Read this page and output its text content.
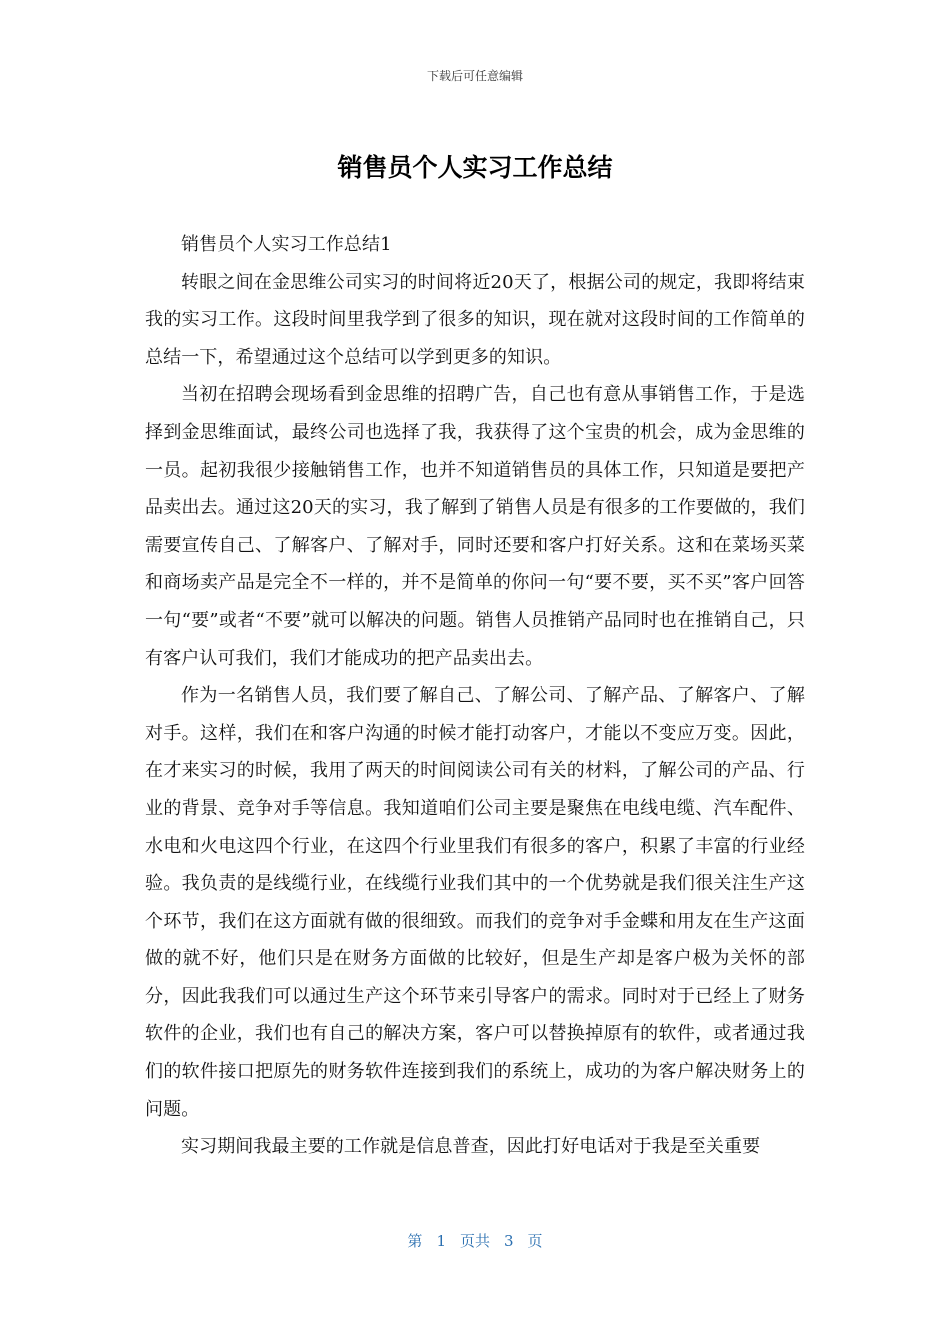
下载后可任意编辑
销售员个人实习工作总结

销售员个人实习工作总结1

转眼之间在金思维公司实习的时间将近20天了，根据公司的规定，我即将结束我的实习工作。这段时间里我学到了很多的知识，现在就对这段时间的工作简单的总结一下，希望通过这个总结可以学到更多的知识。

当初在招聘会现场看到金思维的招聘广告，自己也有意从事销售工作，于是选择到金思维面试，最终公司也选择了我，我获得了这个宝贵的机会，成为金思维的一员。起初我很少接触销售工作，也并不知道销售员的具体工作，只知道是要把产品卖出去。通过这20天的实习，我了解到了销售人员是有很多的工作要做的，我们需要宣传自己、了解客户、了解对手，同时还要和客户打好关系。这和在菜场买菜和商场卖产品是完全不一样的，并不是简单的你问一句“要不要，买不买”客户回答一句“要”或者“不要”就可以解决的问题。销售人员推销产品同时也在推销自己，只有客户认可我们，我们才能成功的把产品卖出去。

作为一名销售人员，我们要了解自己、了解公司、了解产品、了解客户、了解对手。这样，我们在和客户沟通的时候才能打动客户，才能以不变应万变。因此，在才来实习的时候，我用了两天的时间阅读公司有关的材料，了解公司的产品、行业的背景、竞争对手等信息。我知道咱们公司主要是聚焦在电线电缆、汽车配件、水电和火电这四个行业，在这四个行业里我们有很多的客户，积累了丰富的行业经验。我负责的是线缆行业，在线缆行业我们其中的一个优势就是我们很关注生产这个环节，我们在这方面就有做的很细致。而我们的竞争对手金蝶和用友在生产这面做的就不好，他们只是在财务方面做的比较好，但是生产却是客户极为关怀的部分，因此我我们可以通过生产这个环节来引导客户的需求。同时对于已经上了财务软件的企业，我们也有自己的解决方案，客户可以替换掉原有的软件，或者通过我们的软件接口把原先的财务软件连接到我们的系统上，成功的为客户解决财务上的问题。

实习期间我最主要的工作就是信息普查，因此打好电话对于我是至关重要

第 1 页共 3 页
